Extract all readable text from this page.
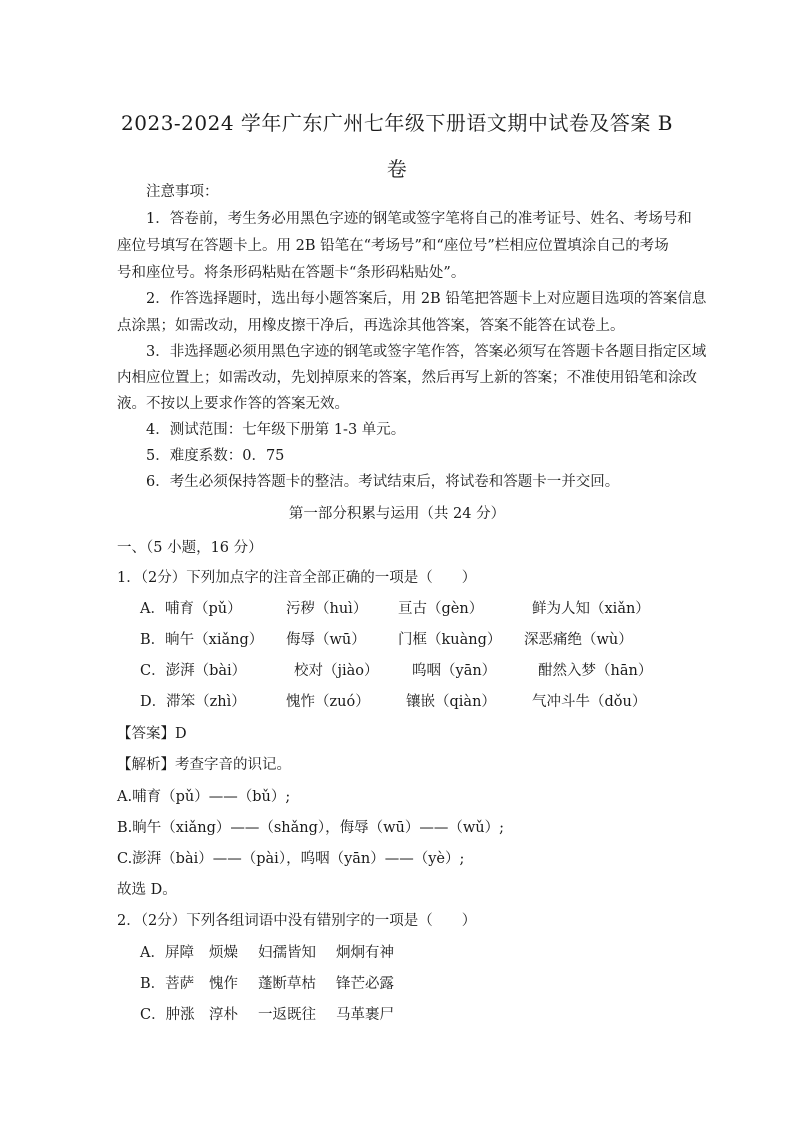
2023-2024 学年广东广州七年级下册语文期中试卷及答案 B
卷
注意事项：
1．答卷前，考生务必用黑色字迹的钢笔或签字笔将自己的准考证号、姓名、考场号和
座位号填写在答题卡上。用 2B 铅笔在“考场号”和“座位号”栏相应位置填涂自己的考场
号和座位号。将条形码粘贴在答题卡“条形码粘贴处”。
2．作答选择题时，选出每小题答案后，用 2B 铅笔把答题卡上对应题目选项的答案信息
点涂黑；如需改动，用橡皮擦干净后，再选涂其他答案，答案不能答在试卷上。
3．非选择题必须用黑色字迹的钢笔或签字笔作答，答案必须写在答题卡各题目指定区域
内相应位置上；如需改动，先划掉原来的答案，然后再写上新的答案；不准使用铅笔和涂改
液。不按以上要求作答的答案无效。
4．测试范围：七年级下册第 1-3 单元。
5．难度系数：0．75
6．考生必须保持答题卡的整洁。考试结束后，将试卷和答题卡一并交回。
第一部分积累与运用（共 24 分）
一、（5 小题，16 分）
1．（2分）下列加点字的注音全部正确的一项是（　　）
A．哺育（pǔ）	污秽（huì） 亘古（gèn）	鲜为人知（xiǎn）
B．晌午（xiǎng） 侮辱（wū） 门框（kuàng） 深恶痛绝（wù）
C．澎湃（bài）	校对（jiào） 呜咽（yān）	酣然入梦（hān）
D．滞笨（zhì）	愧怍（zuó）	镶嵌（qiàn） 气冲斗牛（dǒu）
【答案】D
【解析】考查字音的识记。
A.哺育（pǔ）——（bǔ）;
B.晌午（xiǎng）——（shǎng），侮辱（wū）——（wǔ）;
C.澎湃（bài）——（pài），呜咽（yān）——（yè）;
故选 D。
2．（2分）下列各组词语中没有错别字的一项是（　　）
A．屏障 烦燥 妇孺皆知 炯炯有神
B．菩萨 愧作 蓬断草枯 锋芒必露
C．肿涨 淳朴 一返既往 马革裹尸
